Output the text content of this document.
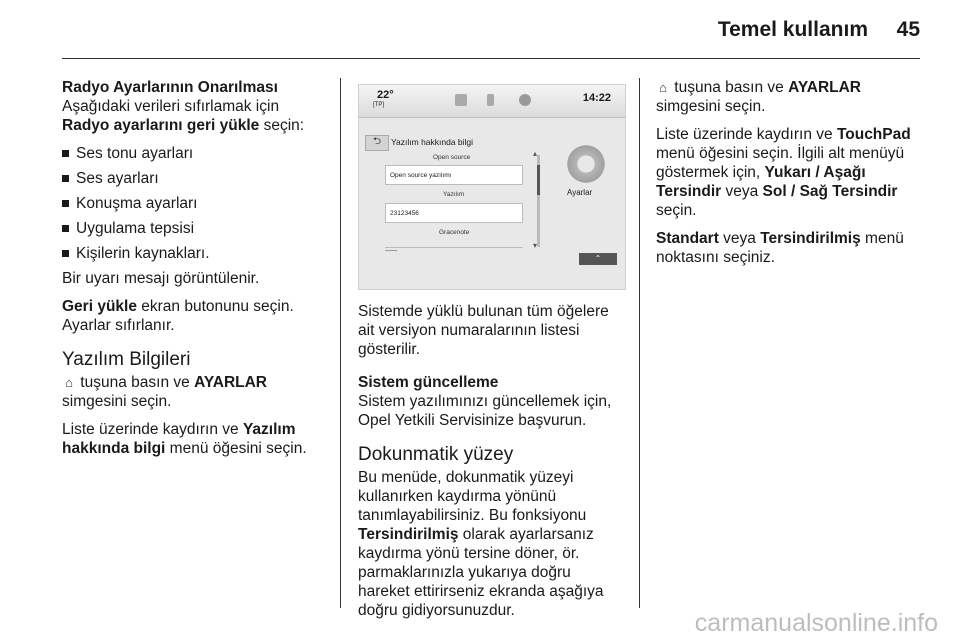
Temel kullanım 45

Radyo Ayarlarının Onarılması
Aşağıdaki verileri sıfırlamak için
Radyo ayarlarını geri yükle seçin:

Ses tonu ayarları
Ses ayarları
Konuşma ayarları
Uygulama tepsisi
Kişilerin kaynakları.

Bir uyarı mesajı görüntülenir.

Geri yükle ekran butonunu seçin. Ayarlar sıfırlanır.

Yazılım Bilgileri

⌂ tuşuna basın ve AYARLAR simgesini seçin.

Liste üzerinde kaydırın ve Yazılım hakkında bilgi menü öğesini seçin.

22°
[TP]
14:22
⮌	Yazılım hakkında bilgi
Open source
Open source yazılımı
Yazılım
23123456
Gracenote
------
▴
▾
Ayarlar
⌃

Sistemde yüklü bulunan tüm öğelere ait versiyon numaralarının listesi gösterilir.

Sistem güncelleme
Sistem yazılımınızı güncellemek için, Opel Yetkili Servisinize başvurun.

Dokunmatik yüzey

Bu menüde, dokunmatik yüzeyi kullanırken kaydırma yönünü tanımlayabilirsiniz. Bu fonksiyonu Tersindirilmiş olarak ayarlarsanız kaydırma yönü tersine döner, ör. parmaklarınızla yukarıya doğru hareket ettirirseniz ekranda aşağıya doğru gidiyorsunuzdur.

⌂ tuşuna basın ve AYARLAR simgesini seçin.

Liste üzerinde kaydırın ve TouchPad menü öğesini seçin. İlgili alt menüyü göstermek için, Yukarı / Aşağı Tersindir veya Sol / Sağ Tersindir seçin.

Standart veya Tersindirilmiş menü noktasını seçiniz.

carmanualsonline.info
